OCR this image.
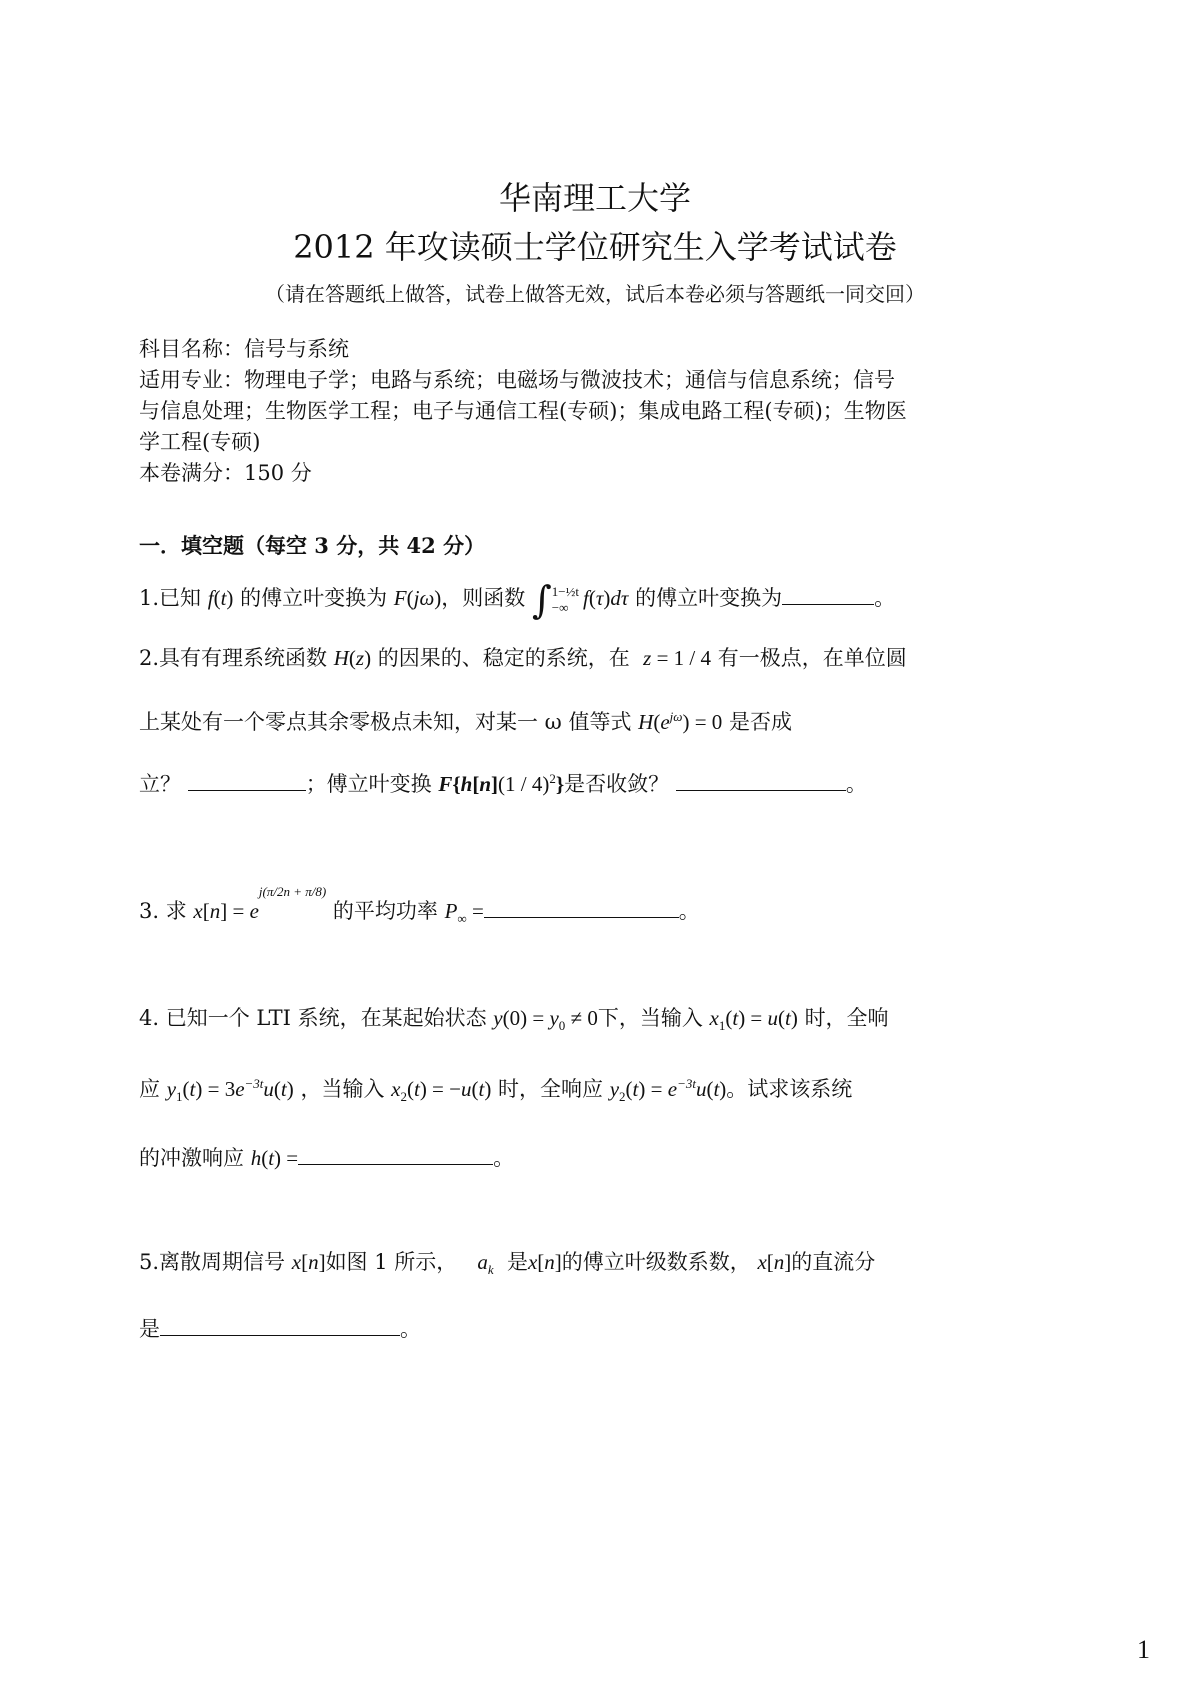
华南理工大学
2012 年攻读硕士学位研究生入学考试试卷
（请在答题纸上做答，试卷上做答无效，试后本卷必须与答题纸一同交回）
科目名称：信号与系统
适用专业：物理电子学；电路与系统；电磁场与微波技术；通信与信息系统；信号
与信息处理；生物医学工程；电子与通信工程(专硕)；集成电路工程(专硕)；生物医
学工程(专硕)
本卷满分：150 分
一．填空题（每空 3 分，共 42 分）
1.已知 f(t) 的傅立叶变换为 F(jω)，则函数 ∫1−½t
−∞ f(τ)dτ 的傅立叶变换为	。
2.具有有理系统函数 H(z) 的因果的、稳定的系统，在 z = 1 / 4 有一极点，在单位圆
上某处有一个零点其余零极点未知，对某一 ω 值等式 $H(e^{j\omega}) = 0$ 是否成
立？	；傅立叶变换 F{h[n](1 / 4)$^2$}是否收敛？	。
3. 求 $x[n] = e^{j(\pi/2n + \pi/8)}$ 的平均功率 $P_\infty$ =	。
4. 已知一个 LTI 系统，在某起始状态 $y(0) = y_0 \ne 0$下，当输入 $x_1(t) = u(t)$ 时，全响
应 $y_1(t) = 3e^{-3t}u(t)$ ，当输入 $x_2(t) = -u(t)$ 时，全响应 $y_2(t) = e^{-3t}u(t)$。试求该系统
的冲激响应 h(t) =	。
5.离散周期信号 x[n]如图 1 所示， $a_k$ 是x[n]的傅立叶级数系数， x[n]的直流分
是	。
1
